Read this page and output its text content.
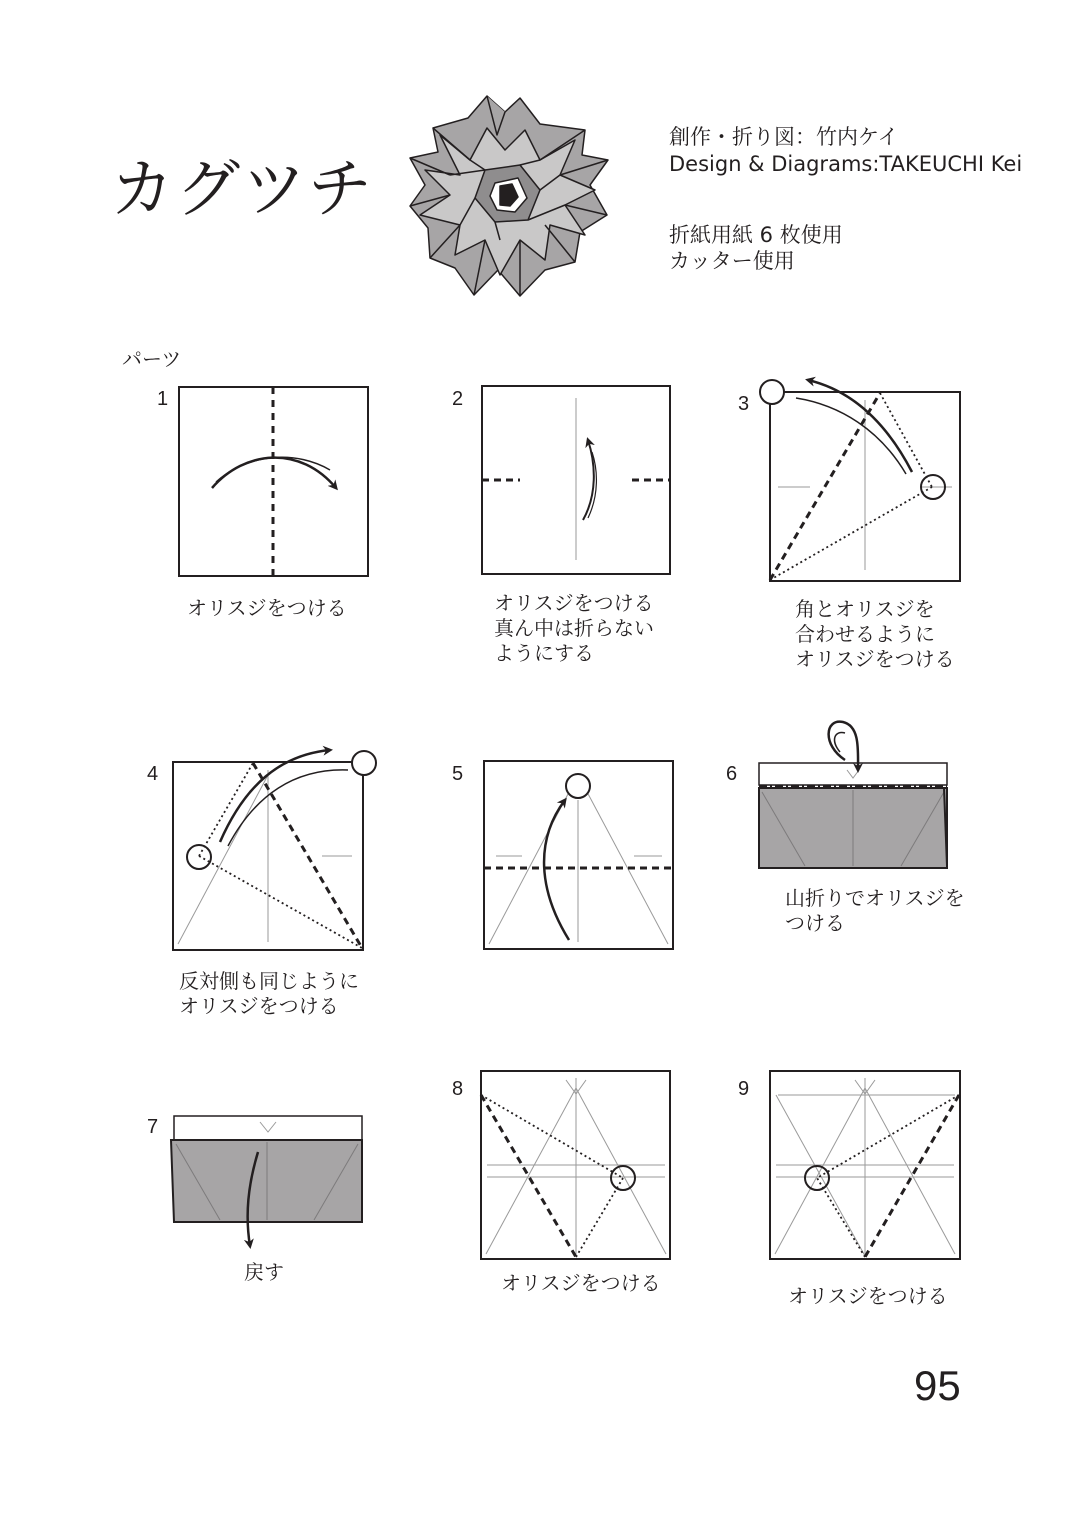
カグツチ
創作・折り図：竹内ケイ
Design & Diagrams:TAKEUCHI Kei
折紙用紙 6 枚使用
カッター使用
パーツ
1	2	3
4	5	6
7
8	9
オリスジをつける	オリスジをつける
真ん中は折らない
ようにする
角とオリスジを
合わせるように
オリスジをつける
反対側も同じように
オリスジをつける
山折りでオリスジを
つける
戻す	オリスジをつける
オリスジをつける
95
